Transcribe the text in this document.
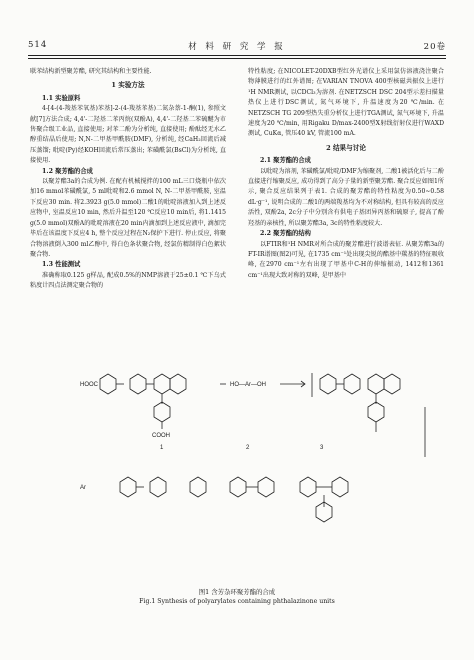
514	材 料 研 究 学 报	20卷

联苯结构新型聚芳酯, 研究其结构和主要性能.

1 实验方法

1.1 实验原料

4-[4-(4-羧基苯氧基)苯基]-2-(4-羧基苯基)二氮杂萘-1-酮(1), 参照文献[7]方法合成; 4,4'-二羟基二苯丙烷(双酚A), 4,4'-二羟基二苯硫醚为市售聚合级工业品, 直接使用; 对苯二酚为分析纯, 直接使用; 酚酞经无水乙醇重结晶后使用; N,N-二甲基甲酰胺(DMF), 分析纯, 经CaH₂回流后减压蒸馏; 吡啶(Py)经KOH回流后常压蒸出; 苯磺酰氯(BsCl)为分析纯, 直接使用.

1.2 聚芳酯的合成

以聚芳酯3a的合成为例. 在配有机械搅拌的100 mL三口烧瓶中依次加16 mmol苯磺酰氯, 5 ml吡啶和2.6 mmol N, N-二甲基甲酰胺, 室温下反应30 min. 将2.3923 g(5.0 mmol)二酸1的吡啶溶液加入到上述反应物中, 室温反应10 min, 然后升温至120 ℃反应10 min后, 将1.1415 g(5.0 mmol)双酚A的吡啶溶液在20 min内滴加到上述反应液中, 滴加完毕后在该温度下反应4 h, 整个反应过程在N₂保护下进行. 停止反应, 将聚合物溶液倒入300 ml乙醇中, 得白色条状聚合物, 经氯仿精制得白色絮状聚合物.

1.3 性能测试

准确称取0.125 g样品, 配成0.5%的NMP溶液于25±0.1 ℃下乌式粘度计四点法测定聚合物的

特性粘度; 在NICOLET-20DXB型红外光谱仪上采用氯仿溶液浇注聚合物薄膜进行的红外谱图; 在VARIAN TNOVA 400型核磁共振仪上进行¹H NMR测试, 以CDCl₃为溶剂. 在NETZSCH DSC 204型示差扫描量热仪上进行DSC测试, 氮气环境下, 升温速度为20 ℃/min. 在NETZSCH TG 209型热失重分析仪上进行TGA测试, 氮气环境下, 升温速度为20 ℃/min, 用Rigaku D/max-2400型X射线衍射仪进行WAXD测试, CuKα, 管压40 kV, 管流100 mA.

2 结果与讨论

2.1 聚芳酯的合成

以吡啶为溶剂, 苯磺酰氯/吡啶/DMF为缩聚剂, 二酸1被活化后与二酚直接进行缩聚反应, 成功得到了高分子量的新型聚芳酯. 聚合反应如图1所示, 聚合反应结果列于表1. 合成的聚芳酯的特性粘度为0.50~0.58 dL·g⁻¹, 说明合成的二酸1的两端羧基均为不对称结构, 但具有较高的反应活性, 双酚2a, 2c分子中分别含有供电子基团异丙基和硫原子, 提高了酚羟基的亲核性, 所以聚芳酯3a, 3c的特性粘度较大.

2.2 聚芳酯的结构

以FTIR和¹H NMR对所合成的聚芳酯进行波谱表征. 从聚芳酯3a的FT-IR谱图(图2)可见, 在1735 cm⁻¹处出现尖锐的酯基中羰基的特征吸收峰, 在2970 cm⁻¹左右出现了甲基中C-H的伸缩振动, 1412和1361 cm⁻¹出现大致对称的双峰, 是甲基中

HOOC
COOH
HO—Ar—OH
Ar
1	2	3
图1 含芳杂环聚芳酯的合成
Fig.1 Synthesis of polyarylates containing phthalazinone units
